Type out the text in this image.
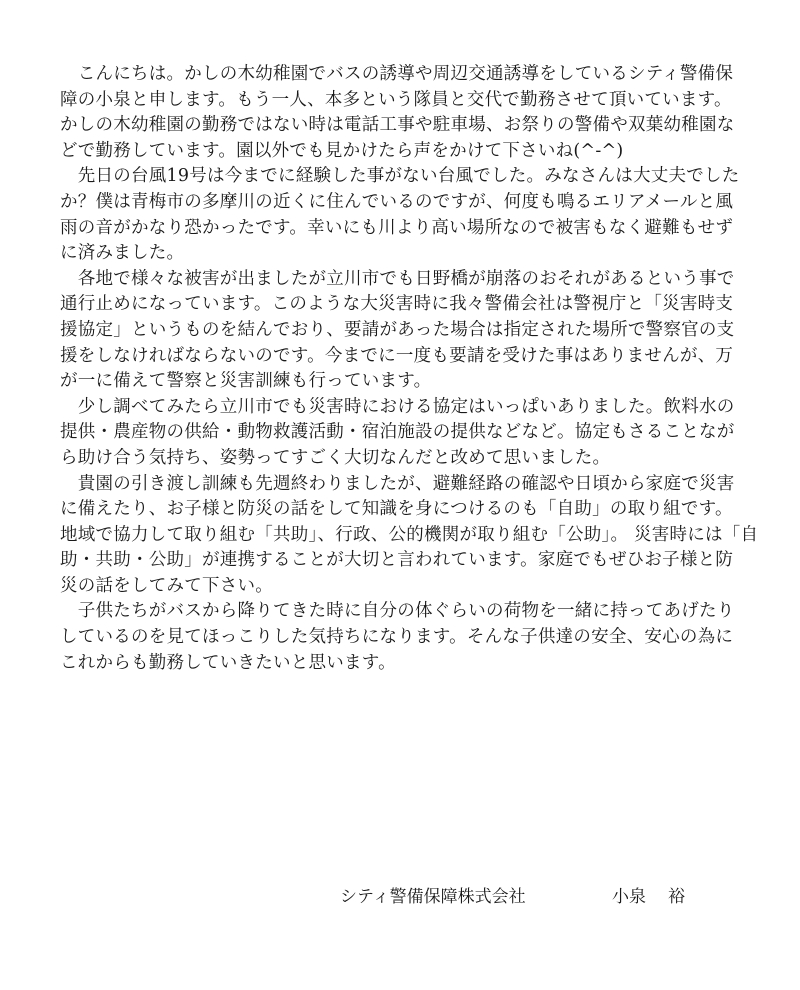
　こんにちは。かしの木幼稚園でバスの誘導や周辺交通誘導をしているシティ警備保
障の小泉と申します。もう一人、本多という隊員と交代で勤務させて頂いています。
かしの木幼稚園の勤務ではない時は電話工事や駐車場、お祭りの警備や双葉幼稚園な
どで勤務しています。園以外でも見かけたら声をかけて下さいね(^-^)
　先日の台風19号は今までに経験した事がない台風でした。みなさんは大丈夫でした
か？僕は青梅市の多摩川の近くに住んでいるのですが、何度も鳴るエリアメールと風
雨の音がかなり恐かったです。幸いにも川より高い場所なので被害もなく避難もせず
に済みました。
　各地で様々な被害が出ましたが立川市でも日野橋が崩落のおそれがあるという事で
通行止めになっています。このような大災害時に我々警備会社は警視庁と「災害時支
援協定」というものを結んでおり、要請があった場合は指定された場所で警察官の支
援をしなければならないのです。今までに一度も要請を受けた事はありませんが、万
が一に備えて警察と災害訓練も行っています。
　少し調べてみたら立川市でも災害時における協定はいっぱいありました。飲料水の
提供・農産物の供給・動物救護活動・宿泊施設の提供などなど。協定もさることなが
ら助け合う気持ち、姿勢ってすごく大切なんだと改めて思いました。
　貴園の引き渡し訓練も先週終わりましたが、避難経路の確認や日頃から家庭で災害
に備えたり、お子様と防災の話をして知識を身につけるのも「自助」の取り組です。
地域で協力して取り組む「共助」、行政、公的機関が取り組む「公助」。 災害時には「自
助・共助・公助」が連携することが大切と言われています。家庭でもぜひお子様と防
災の話をしてみて下さい。
　子供たちがバスから降りてきた時に自分の体ぐらいの荷物を一緒に持ってあげたり
しているのを見てほっこりした気持ちになります。そんな子供達の安全、安心の為に
これからも勤務していきたいと思います。
シティ警備保障株式会社	小泉 裕
